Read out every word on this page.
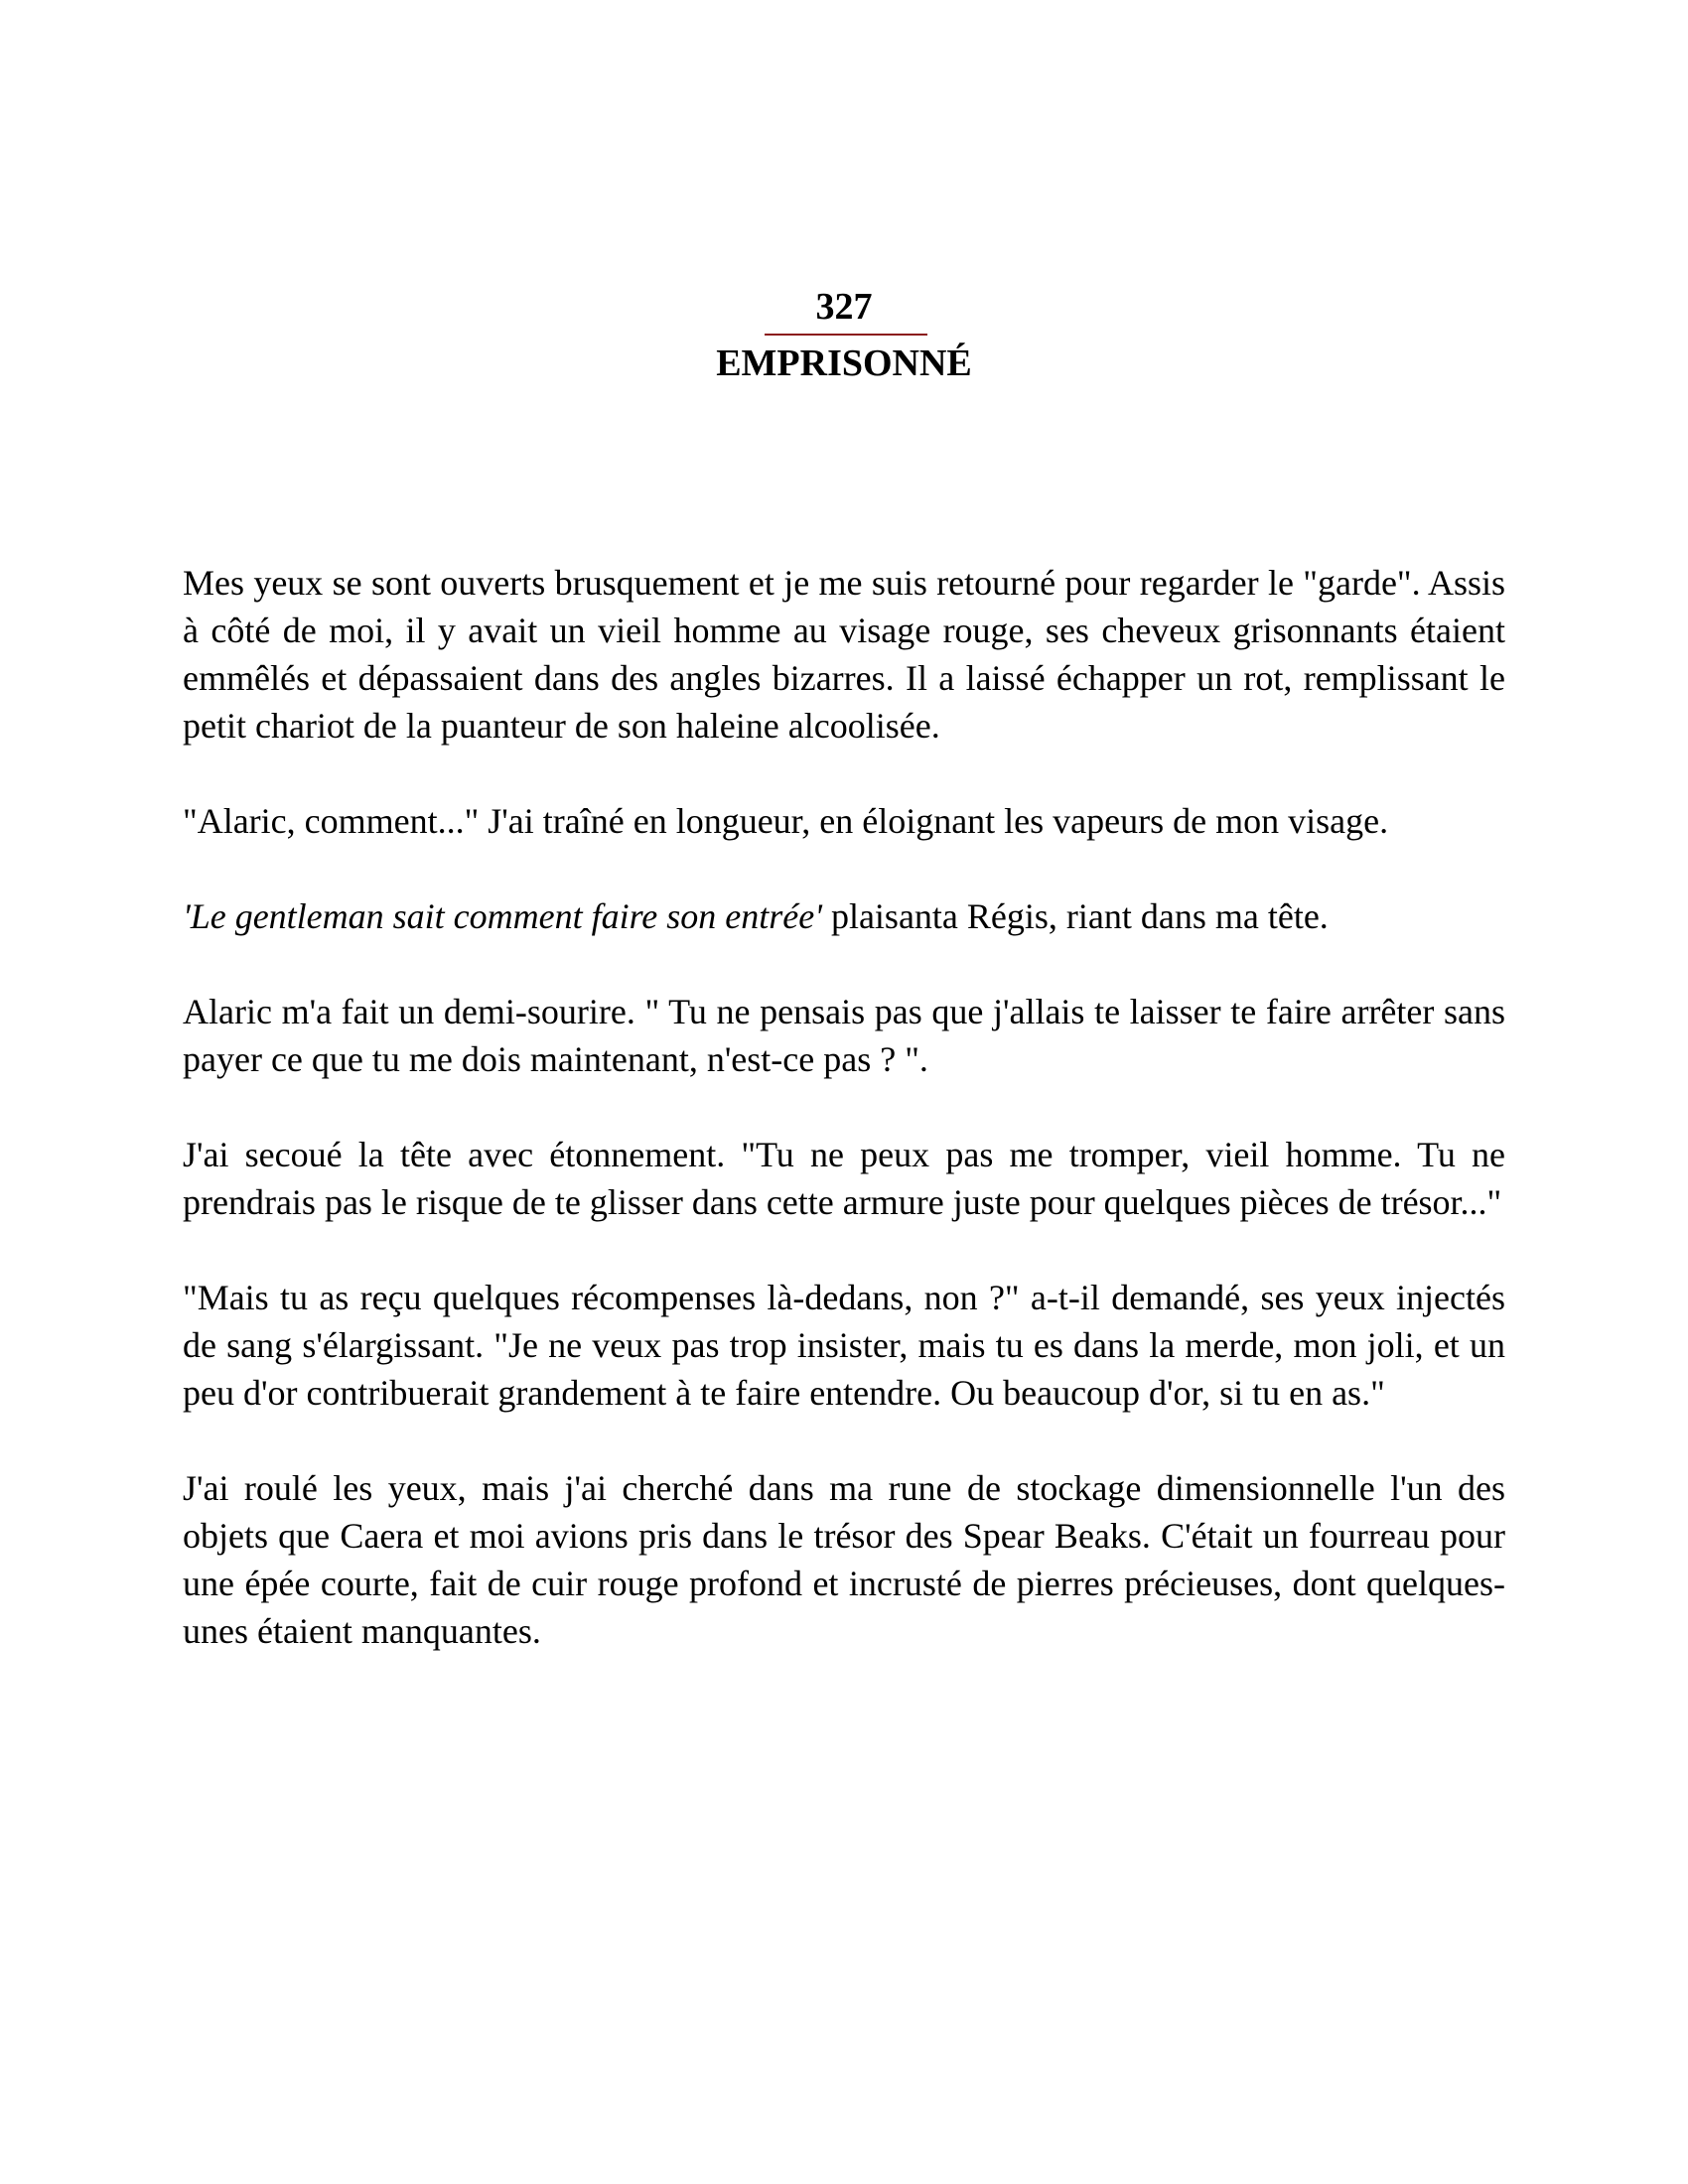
327
EMPRISONNÉ

Mes yeux se sont ouverts brusquement et je me suis retourné pour regarder le "garde". Assis à côté de moi, il y avait un vieil homme au visage rouge, ses cheveux grisonnants étaient emmêlés et dépassaient dans des angles bizarres. Il a laissé échapper un rot, remplissant le petit chariot de la puanteur de son haleine alcoolisée.

"Alaric, comment..." J'ai traîné en longueur, en éloignant les vapeurs de mon visage.

'Le gentleman sait comment faire son entrée' plaisanta Régis, riant dans ma tête.

Alaric m'a fait un demi-sourire. " Tu ne pensais pas que j'allais te laisser te faire arrêter sans payer ce que tu me dois maintenant, n'est-ce pas ? ".

J'ai secoué la tête avec étonnement. "Tu ne peux pas me tromper, vieil homme. Tu ne prendrais pas le risque de te glisser dans cette armure juste pour quelques pièces de trésor..."

"Mais tu as reçu quelques récompenses là-dedans, non ?" a-t-il demandé, ses yeux injectés de sang s'élargissant. "Je ne veux pas trop insister, mais tu es dans la merde, mon joli, et un peu d'or contribuerait grandement à te faire entendre. Ou beaucoup d'or, si tu en as."

J'ai roulé les yeux, mais j'ai cherché dans ma rune de stockage dimensionnelle l'un des objets que Caera et moi avions pris dans le trésor des Spear Beaks. C'était un fourreau pour une épée courte, fait de cuir rouge profond et incrusté de pierres précieuses, dont quelques-unes étaient manquantes.
